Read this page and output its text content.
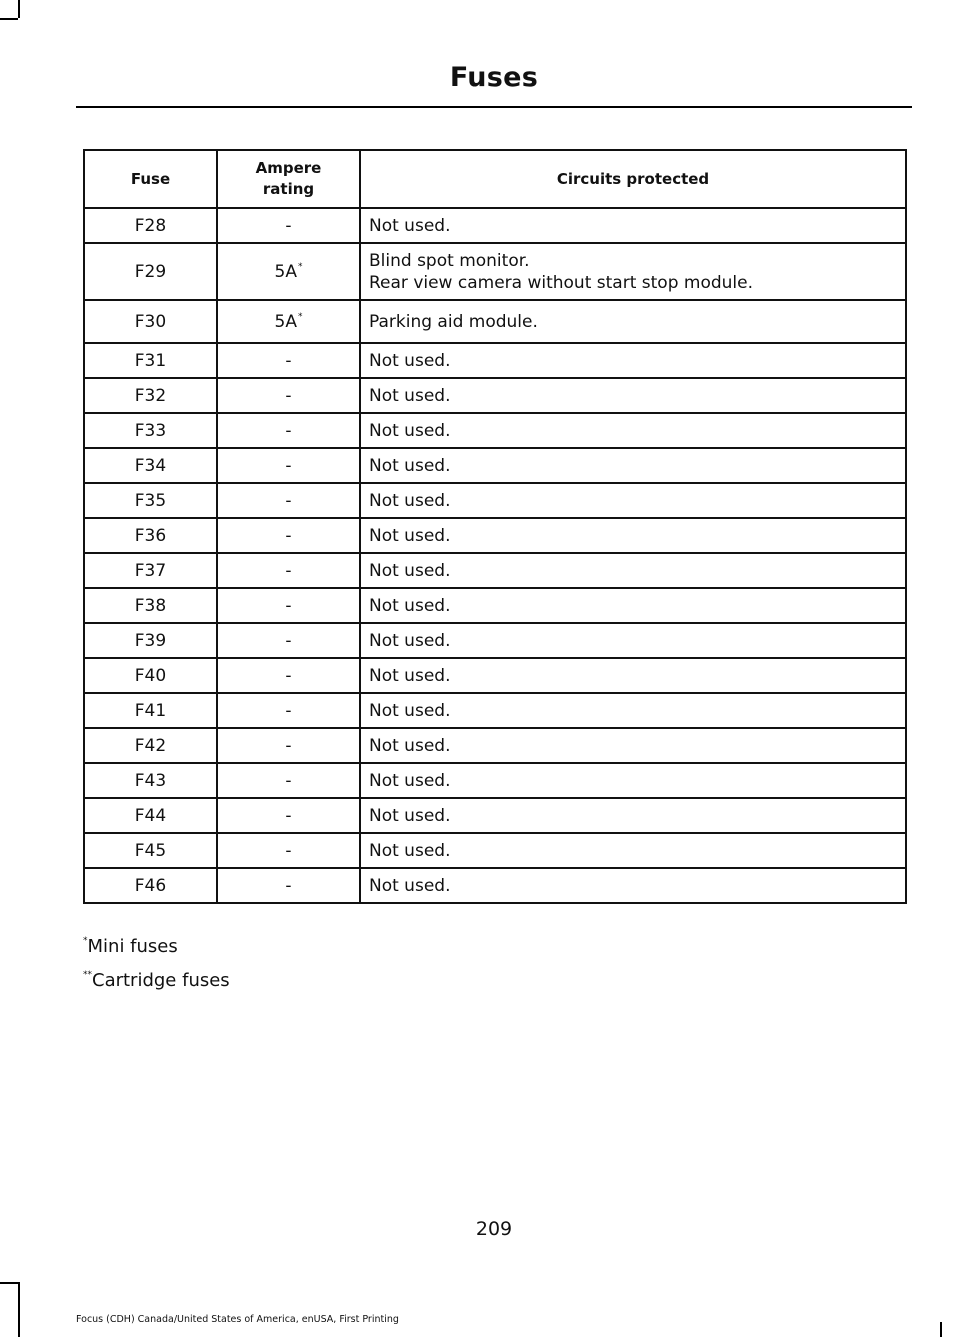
Fuses
Fuse	Ampere rating	Circuits protected
F28	-	Not used.

F29	5A*	Blind spot monitor.
Rear view camera without start stop module.

F30	5A*	Parking aid module.

F31	-	Not used.

F32	-	Not used.

F33	-	Not used.

F34	-	Not used.

F35	-	Not used.

F36	-	Not used.

F37	-	Not used.

F38	-	Not used.

F39	-	Not used.

F40	-	Not used.

F41	-	Not used.

F42	-	Not used.

F43	-	Not used.

F44	-	Not used.

F45	-	Not used.

F46	-	Not used.
*Mini fuses
**Cartridge fuses
209
Focus (CDH) Canada/United States of America, enUSA, First Printing
